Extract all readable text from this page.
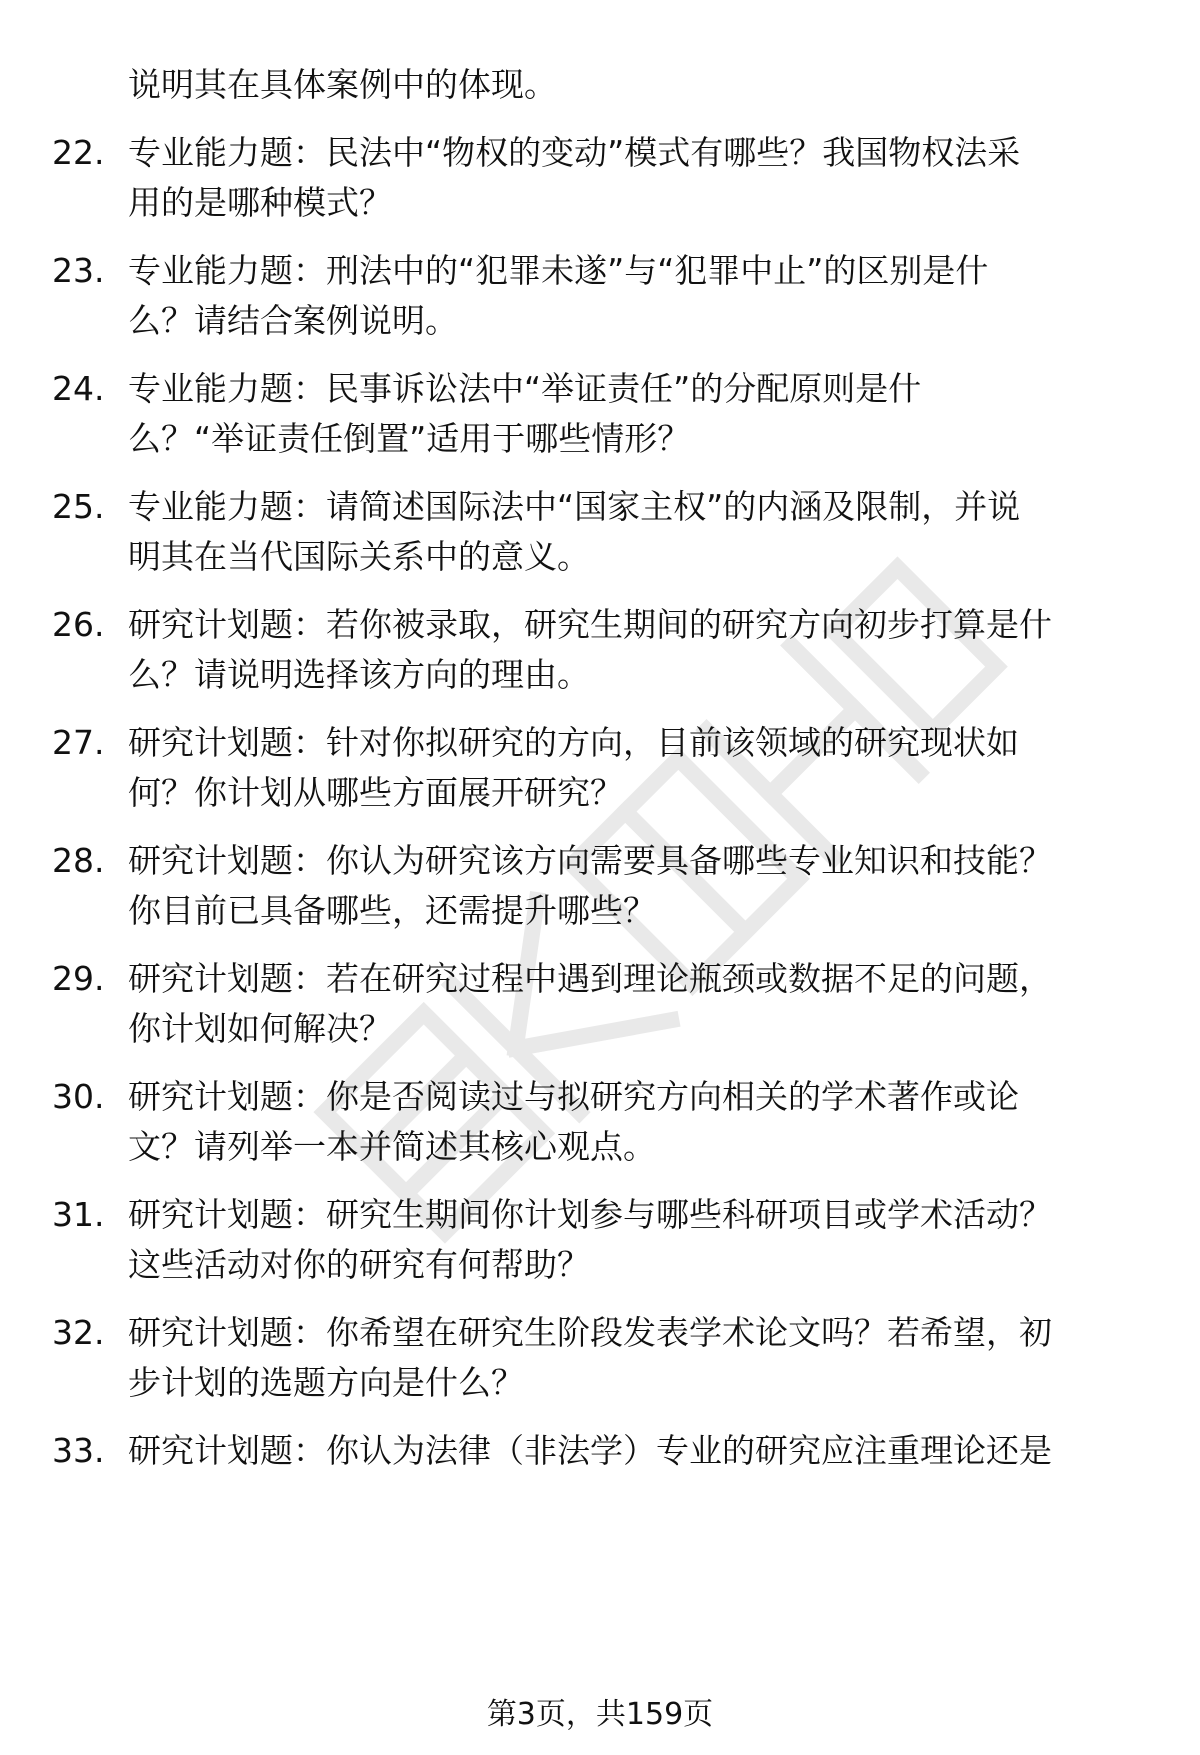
说明其在具体案例中的体现。
22. 专业能力题：民法中“物权的变动”模式有哪些？我国物权法采
用的是哪种模式？
23. 专业能力题：刑法中的“犯罪未遂”与“犯罪中止”的区别是什
么？请结合案例说明。
24. 专业能力题：民事诉讼法中“举证责任”的分配原则是什
么？“举证责任倒置”适用于哪些情形？
25. 专业能力题：请简述国际法中“国家主权”的内涵及限制，并说
明其在当代国际关系中的意义。
26. 研究计划题：若你被录取，研究生期间的研究方向初步打算是什
么？请说明选择该方向的理由。
27. 研究计划题：针对你拟研究的方向，目前该领域的研究现状如
何？你计划从哪些方面展开研究？
28. 研究计划题：你认为研究该方向需要具备哪些专业知识和技能？
你目前已具备哪些，还需提升哪些？
29. 研究计划题：若在研究过程中遇到理论瓶颈或数据不足的问题，
你计划如何解决？
30. 研究计划题：你是否阅读过与拟研究方向相关的学术著作或论
文？请列举一本并简述其核心观点。
31. 研究计划题：研究生期间你计划参与哪些科研项目或学术活动？
这些活动对你的研究有何帮助？
32. 研究计划题：你希望在研究生阶段发表学术论文吗？若希望，初
步计划的选题方向是什么？
33. 研究计划题：你认为法律（非法学）专业的研究应注重理论还是
第3页，共159页
